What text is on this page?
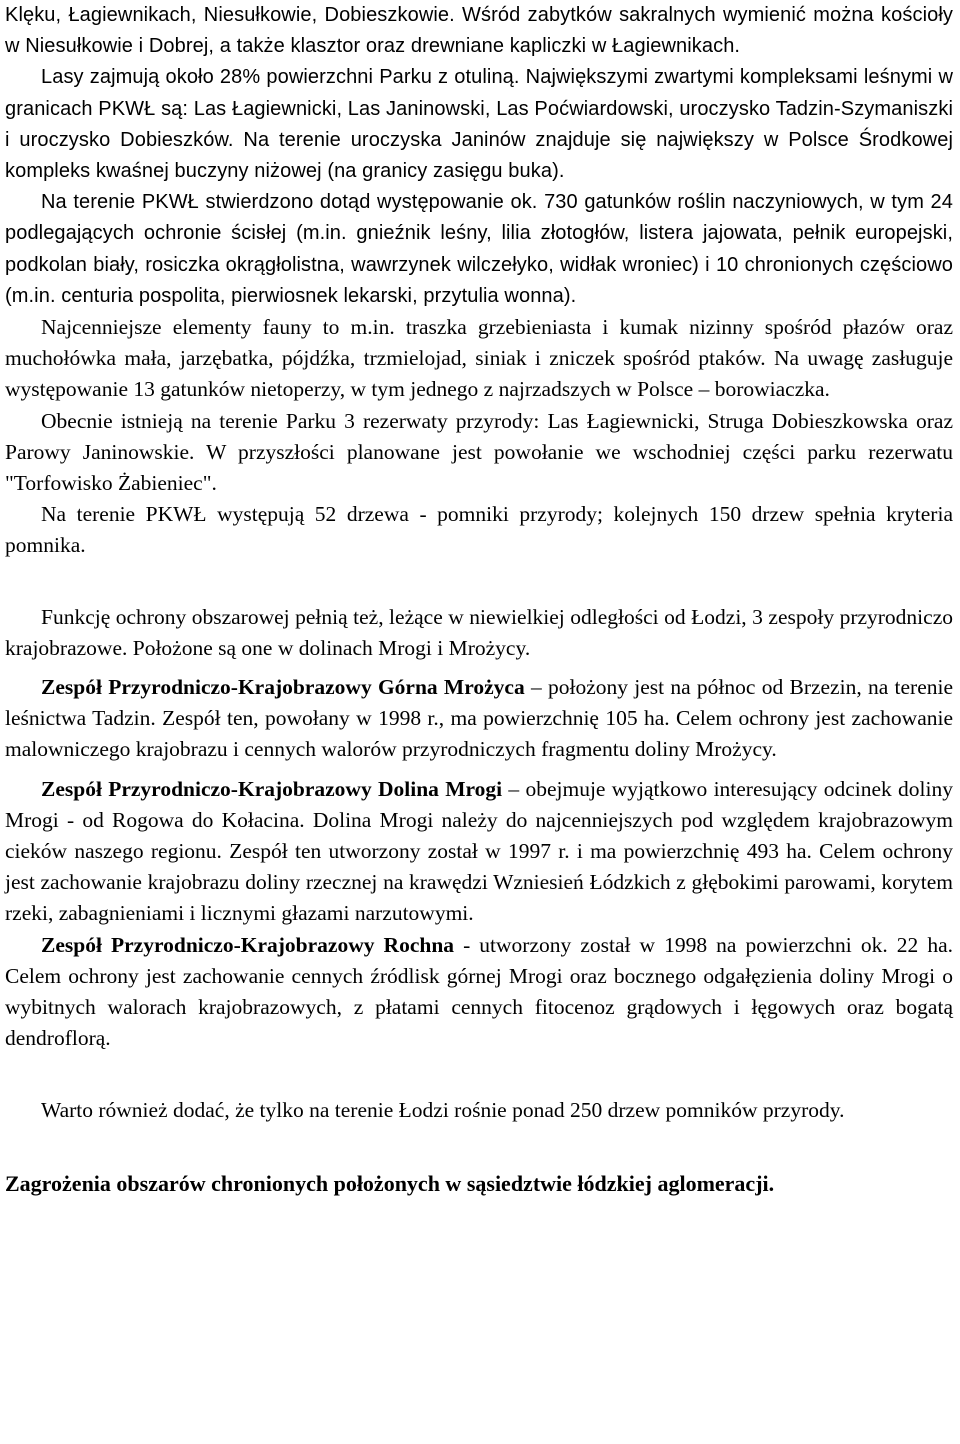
Klęku, Łagiewnikach, Niesułkowie, Dobieszkowie. Wśród zabytków sakralnych wymienić można kościoły w Niesułkowie i Dobrej, a także klasztor oraz drewniane kapliczki w Łagiewnikach.

Lasy zajmują około 28% powierzchni Parku z otuliną. Największymi zwartymi kompleksami leśnymi w granicach PKWŁ są: Las Łagiewnicki, Las Janinowski, Las Poćwiardowski, uroczysko Tadzin-Szymaniszki i uroczysko Dobieszków. Na terenie uroczyska Janinów znajduje się największy w Polsce Środkowej kompleks kwaśnej buczyny niżowej (na granicy zasięgu buka).

Na terenie PKWŁ stwierdzono dotąd występowanie ok. 730 gatunków roślin naczyniowych, w tym 24 podlegających ochronie ścisłej (m.in. gnieźnik leśny, lilia złotogłów, listera jajowata, pełnik europejski, podkolan biały, rosiczka okrągłolistna, wawrzynek wilczełyko, widłak wroniec) i 10 chronionych częściowo (m.in. centuria pospolita, pierwiosnek lekarski, przytulia wonna).

Najcenniejsze elementy fauny to m.in. traszka grzebieniasta i kumak nizinny spośród płazów oraz muchołówka mała, jarzębatka, pójdźka, trzmielojad, siniak i zniczek spośród ptaków. Na uwagę zasługuje występowanie 13 gatunków nietoperzy, w tym jednego z najrzadszych w Polsce – borowiaczka.

Obecnie istnieją na terenie Parku 3 rezerwaty przyrody: Las Łagiewnicki, Struga Dobieszkowska oraz Parowy Janinowskie. W przyszłości planowane jest powołanie we wschodniej części parku rezerwatu "Torfowisko Żabieniec".

Na terenie PKWŁ występują 52 drzewa - pomniki przyrody; kolejnych 150 drzew spełnia kryteria pomnika.

Funkcję ochrony obszarowej pełnią też, leżące w niewielkiej odległości od Łodzi, 3 zespoły przyrodniczo krajobrazowe. Położone są one w dolinach Mrogi i Mrożycy.

Zespół Przyrodniczo-Krajobrazowy Górna Mrożyca – położony jest na północ od Brzezin, na terenie leśnictwa Tadzin. Zespół ten, powołany w 1998 r., ma powierzchnię 105 ha. Celem ochrony jest zachowanie malowniczego krajobrazu i cennych walorów przyrodniczych fragmentu doliny Mrożycy.

Zespół Przyrodniczo-Krajobrazowy Dolina Mrogi – obejmuje wyjątkowo interesujący odcinek doliny Mrogi - od Rogowa do Kołacina. Dolina Mrogi należy do najcenniejszych pod względem krajobrazowym cieków naszego regionu. Zespół ten utworzony został w 1997 r. i ma powierzchnię 493 ha. Celem ochrony jest zachowanie krajobrazu doliny rzecznej na krawędzi Wzniesień Łódzkich z głębokimi parowami, korytem rzeki, zabagnieniami i licznymi głazami narzutowymi.

Zespół Przyrodniczo-Krajobrazowy Rochna - utworzony został w 1998 na powierzchni ok. 22 ha. Celem ochrony jest zachowanie cennych źródlisk górnej Mrogi oraz bocznego odgałęzienia doliny Mrogi o wybitnych walorach krajobrazowych, z płatami cennych fitocenoz grądowych i łęgowych oraz bogatą dendroflorą.

Warto również dodać, że tylko na terenie Łodzi rośnie ponad 250 drzew pomników przyrody.

Zagrożenia obszarów chronionych położonych w sąsiedztwie łódzkiej aglomeracji.
